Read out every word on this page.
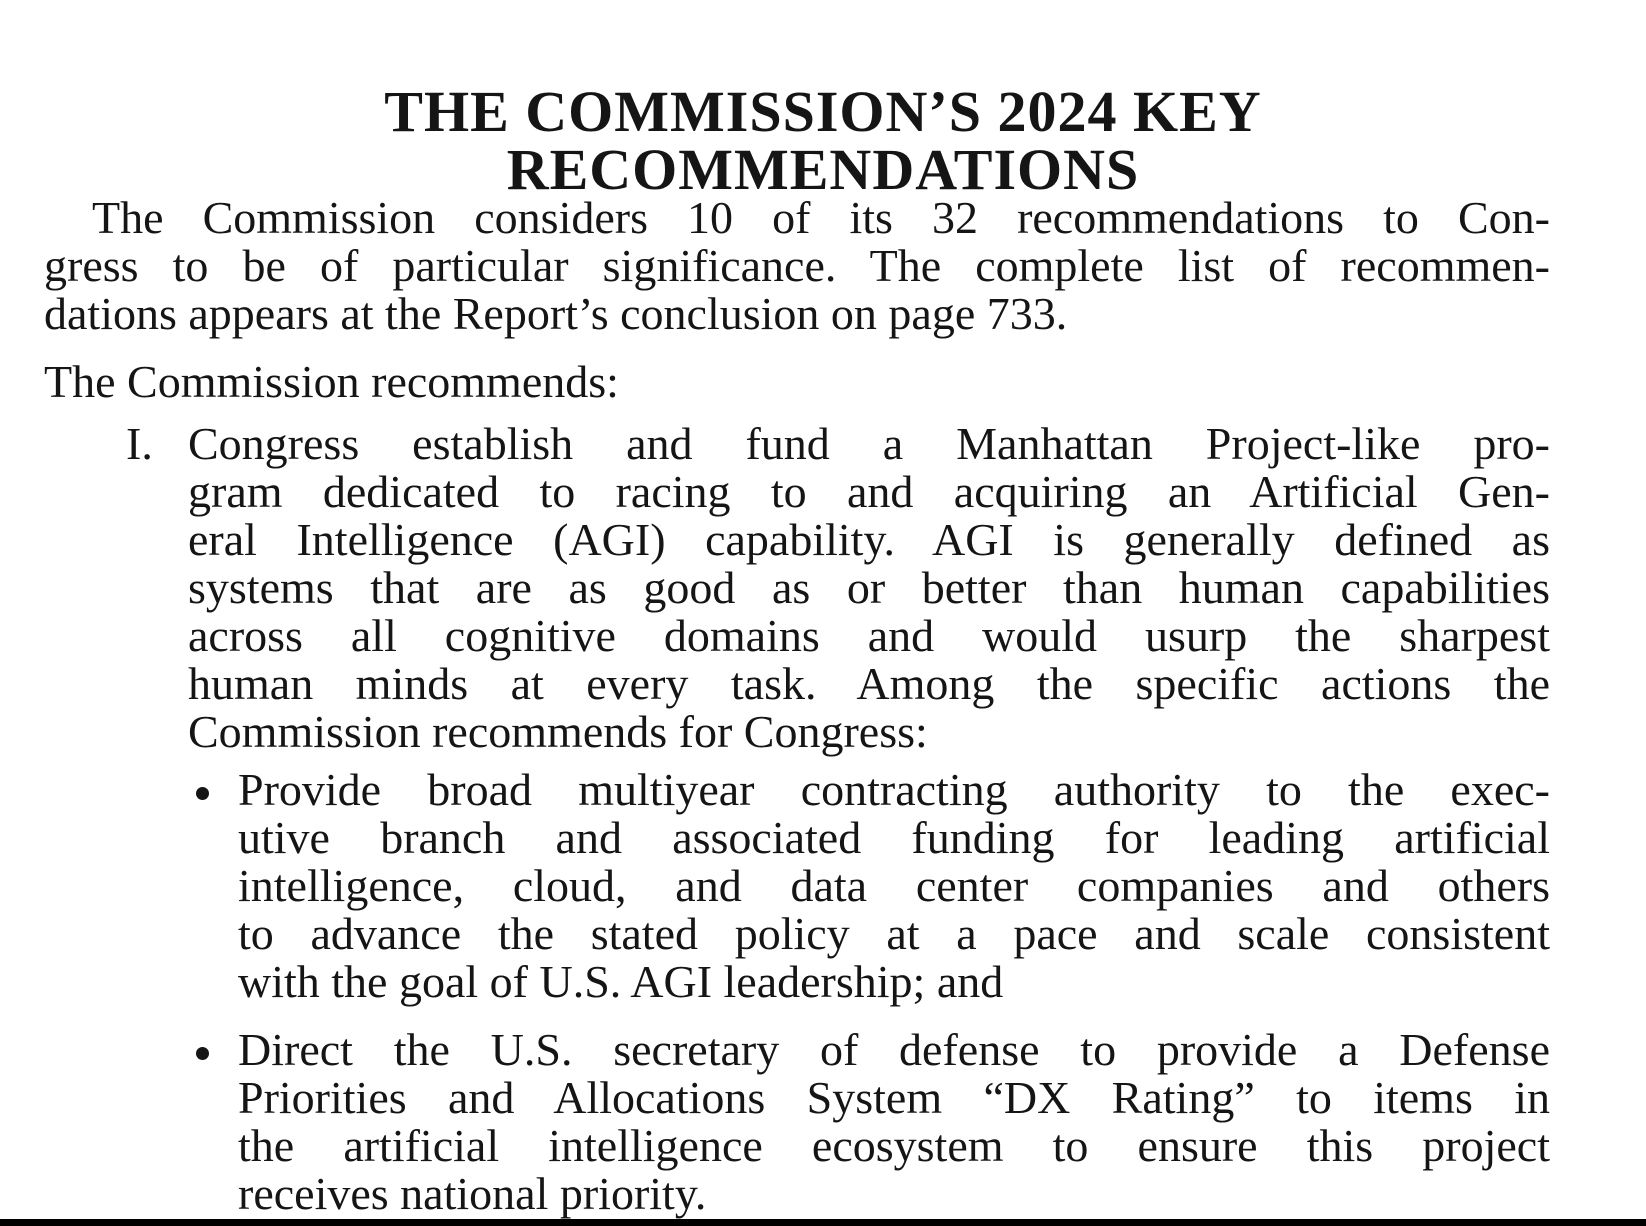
THE COMMISSION’S 2024 KEY
RECOMMENDATIONS

The Commission considers 10 of its 32 recommendations to Con-
gress to be of particular significance. The complete list of recommen-
dations appears at the Report’s conclusion on page 733.

The Commission recommends:

I. Congress establish and fund a Manhattan Project-like pro-
gram dedicated to racing to and acquiring an Artificial Gen-
eral Intelligence (AGI) capability. AGI is generally defined as
systems that are as good as or better than human capabilities
across all cognitive domains and would usurp the sharpest
human minds at every task. Among the specific actions the
Commission recommends for Congress:

Provide broad multiyear contracting authority to the exec-
utive branch and associated funding for leading artificial
intelligence, cloud, and data center companies and others
to advance the stated policy at a pace and scale consistent
with the goal of U.S. AGI leadership; and

Direct the U.S. secretary of defense to provide a Defense
Priorities and Allocations System “DX Rating” to items in
the artificial intelligence ecosystem to ensure this project
receives national priority.
